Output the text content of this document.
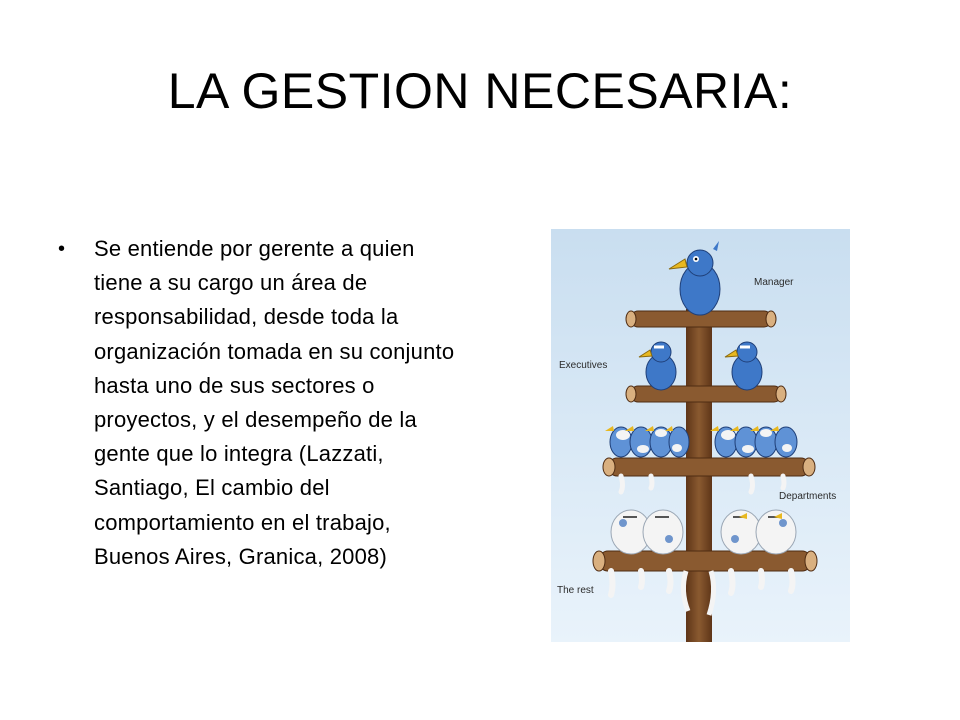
LA GESTION NECESARIA:
•	Se entiende por gerente a quien tiene a su cargo un área de responsabilidad, desde toda la organización tomada en su conjunto hasta uno de sus sectores o proyectos, y el desempeño de la gente que lo integra (Lazzati, Santiago, El cambio del comportamiento en el trabajo, Buenos Aires, Granica, 2008)

Manager
Executives
Departments
The rest
